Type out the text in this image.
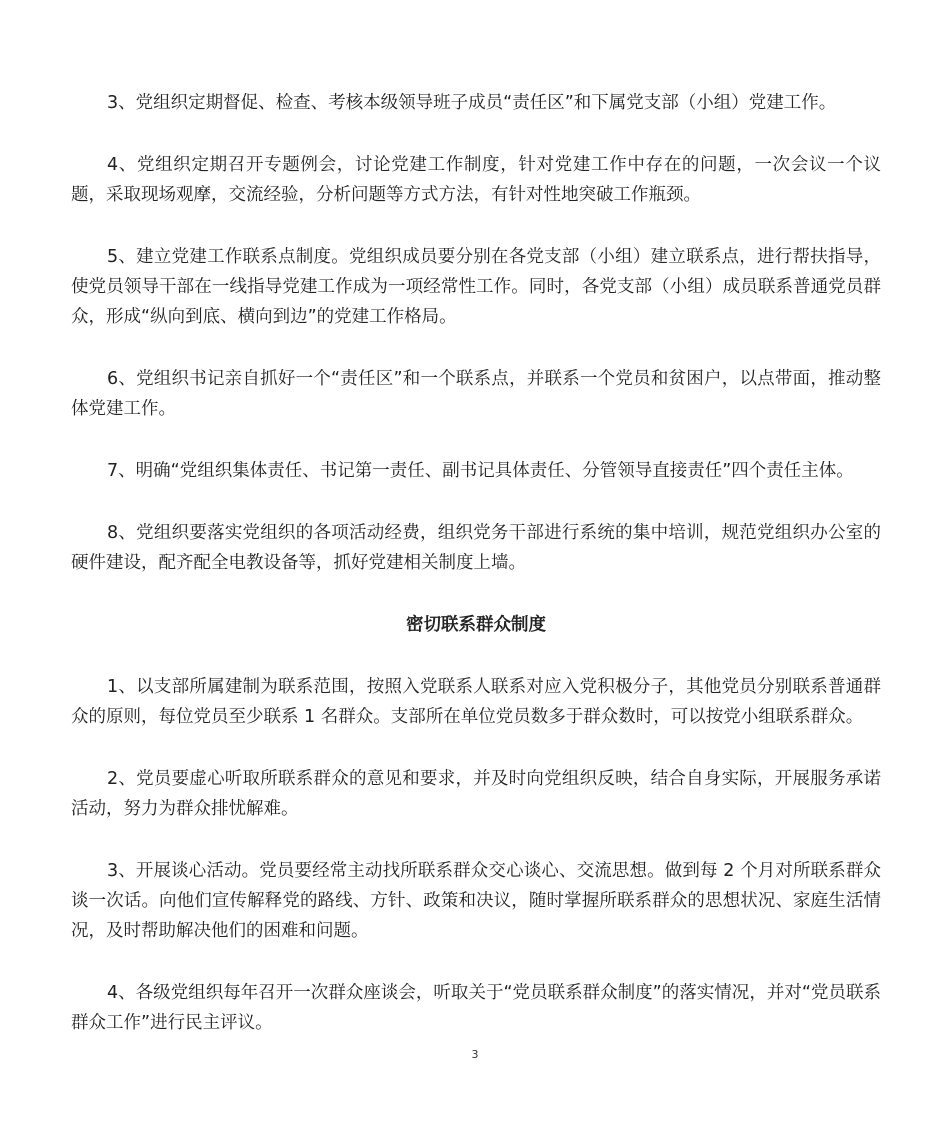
3、党组织定期督促、检查、考核本级领导班子成员“责任区”和下属党支部（小组）党建工作。

4、党组织定期召开专题例会，讨论党建工作制度，针对党建工作中存在的问题，一次会议一个议题，采取现场观摩，交流经验，分析问题等方式方法，有针对性地突破工作瓶颈。

5、建立党建工作联系点制度。党组织成员要分别在各党支部（小组）建立联系点，进行帮扶指导，使党员领导干部在一线指导党建工作成为一项经常性工作。同时，各党支部（小组）成员联系普通党员群众，形成“纵向到底、横向到边”的党建工作格局。

6、党组织书记亲自抓好一个“责任区”和一个联系点，并联系一个党员和贫困户，以点带面，推动整体党建工作。

7、明确“党组织集体责任、书记第一责任、副书记具体责任、分管领导直接责任”四个责任主体。

8、党组织要落实党组织的各项活动经费，组织党务干部进行系统的集中培训，规范党组织办公室的硬件建设，配齐配全电教设备等，抓好党建相关制度上墙。

密切联系群众制度

1、以支部所属建制为联系范围，按照入党联系人联系对应入党积极分子，其他党员分别联系普通群众的原则，每位党员至少联系 1 名群众。支部所在单位党员数多于群众数时，可以按党小组联系群众。

2、党员要虚心听取所联系群众的意见和要求，并及时向党组织反映，结合自身实际，开展服务承诺活动，努力为群众排忧解难。

3、开展谈心活动。党员要经常主动找所联系群众交心谈心、交流思想。做到每 2 个月对所联系群众谈一次话。向他们宣传解释党的路线、方针、政策和决议，随时掌握所联系群众的思想状况、家庭生活情况，及时帮助解决他们的困难和问题。

4、各级党组织每年召开一次群众座谈会，听取关于“党员联系群众制度”的落实情况，并对“党员联系群众工作”进行民主评议。

3
